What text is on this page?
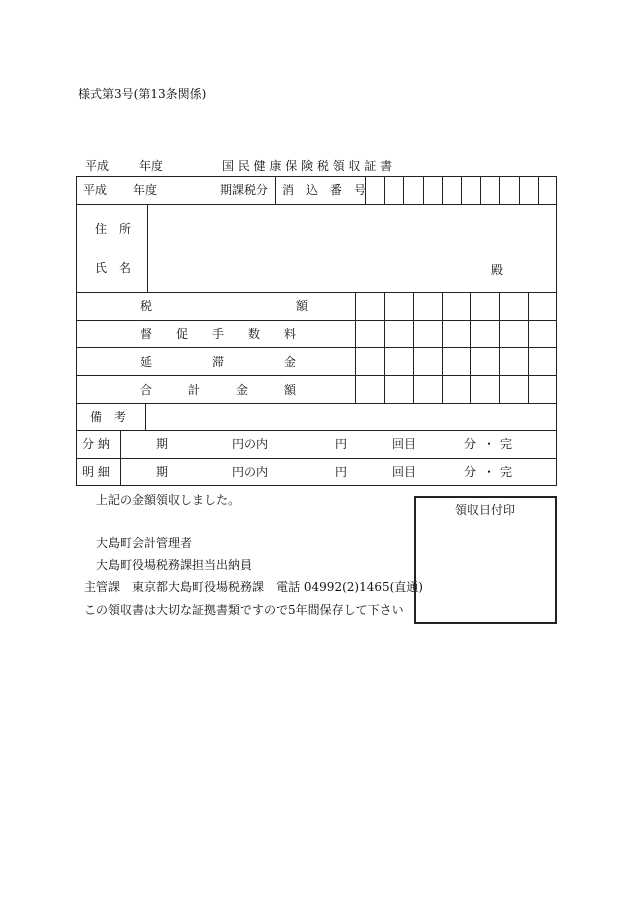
様式第3号(第13条関係)
平成 年度	国 民 健 康 保 険 税 領 収 証 書
平成 年度	期課税分 消　込　番　号
住　所
氏　名	殿
税　　　　　　　　　　　　額
督　　促　　手　　数　　料
延　　　　　滞　　　　　金
合　　　計　　　金　　　額
備　考
分 納	期	円の内	円	回目	分 ・ 完
明 細	期	円の内	円	回目	分 ・ 完
上記の金額領収しました。
大島町会計管理者
大島町役場税務課担当出納員
主管課　 東京都大島町役場税務課　 電話 04992(2)1465(直通)
この領収書は大切な証拠書類ですので5年間保存して下さい
領収日付印
